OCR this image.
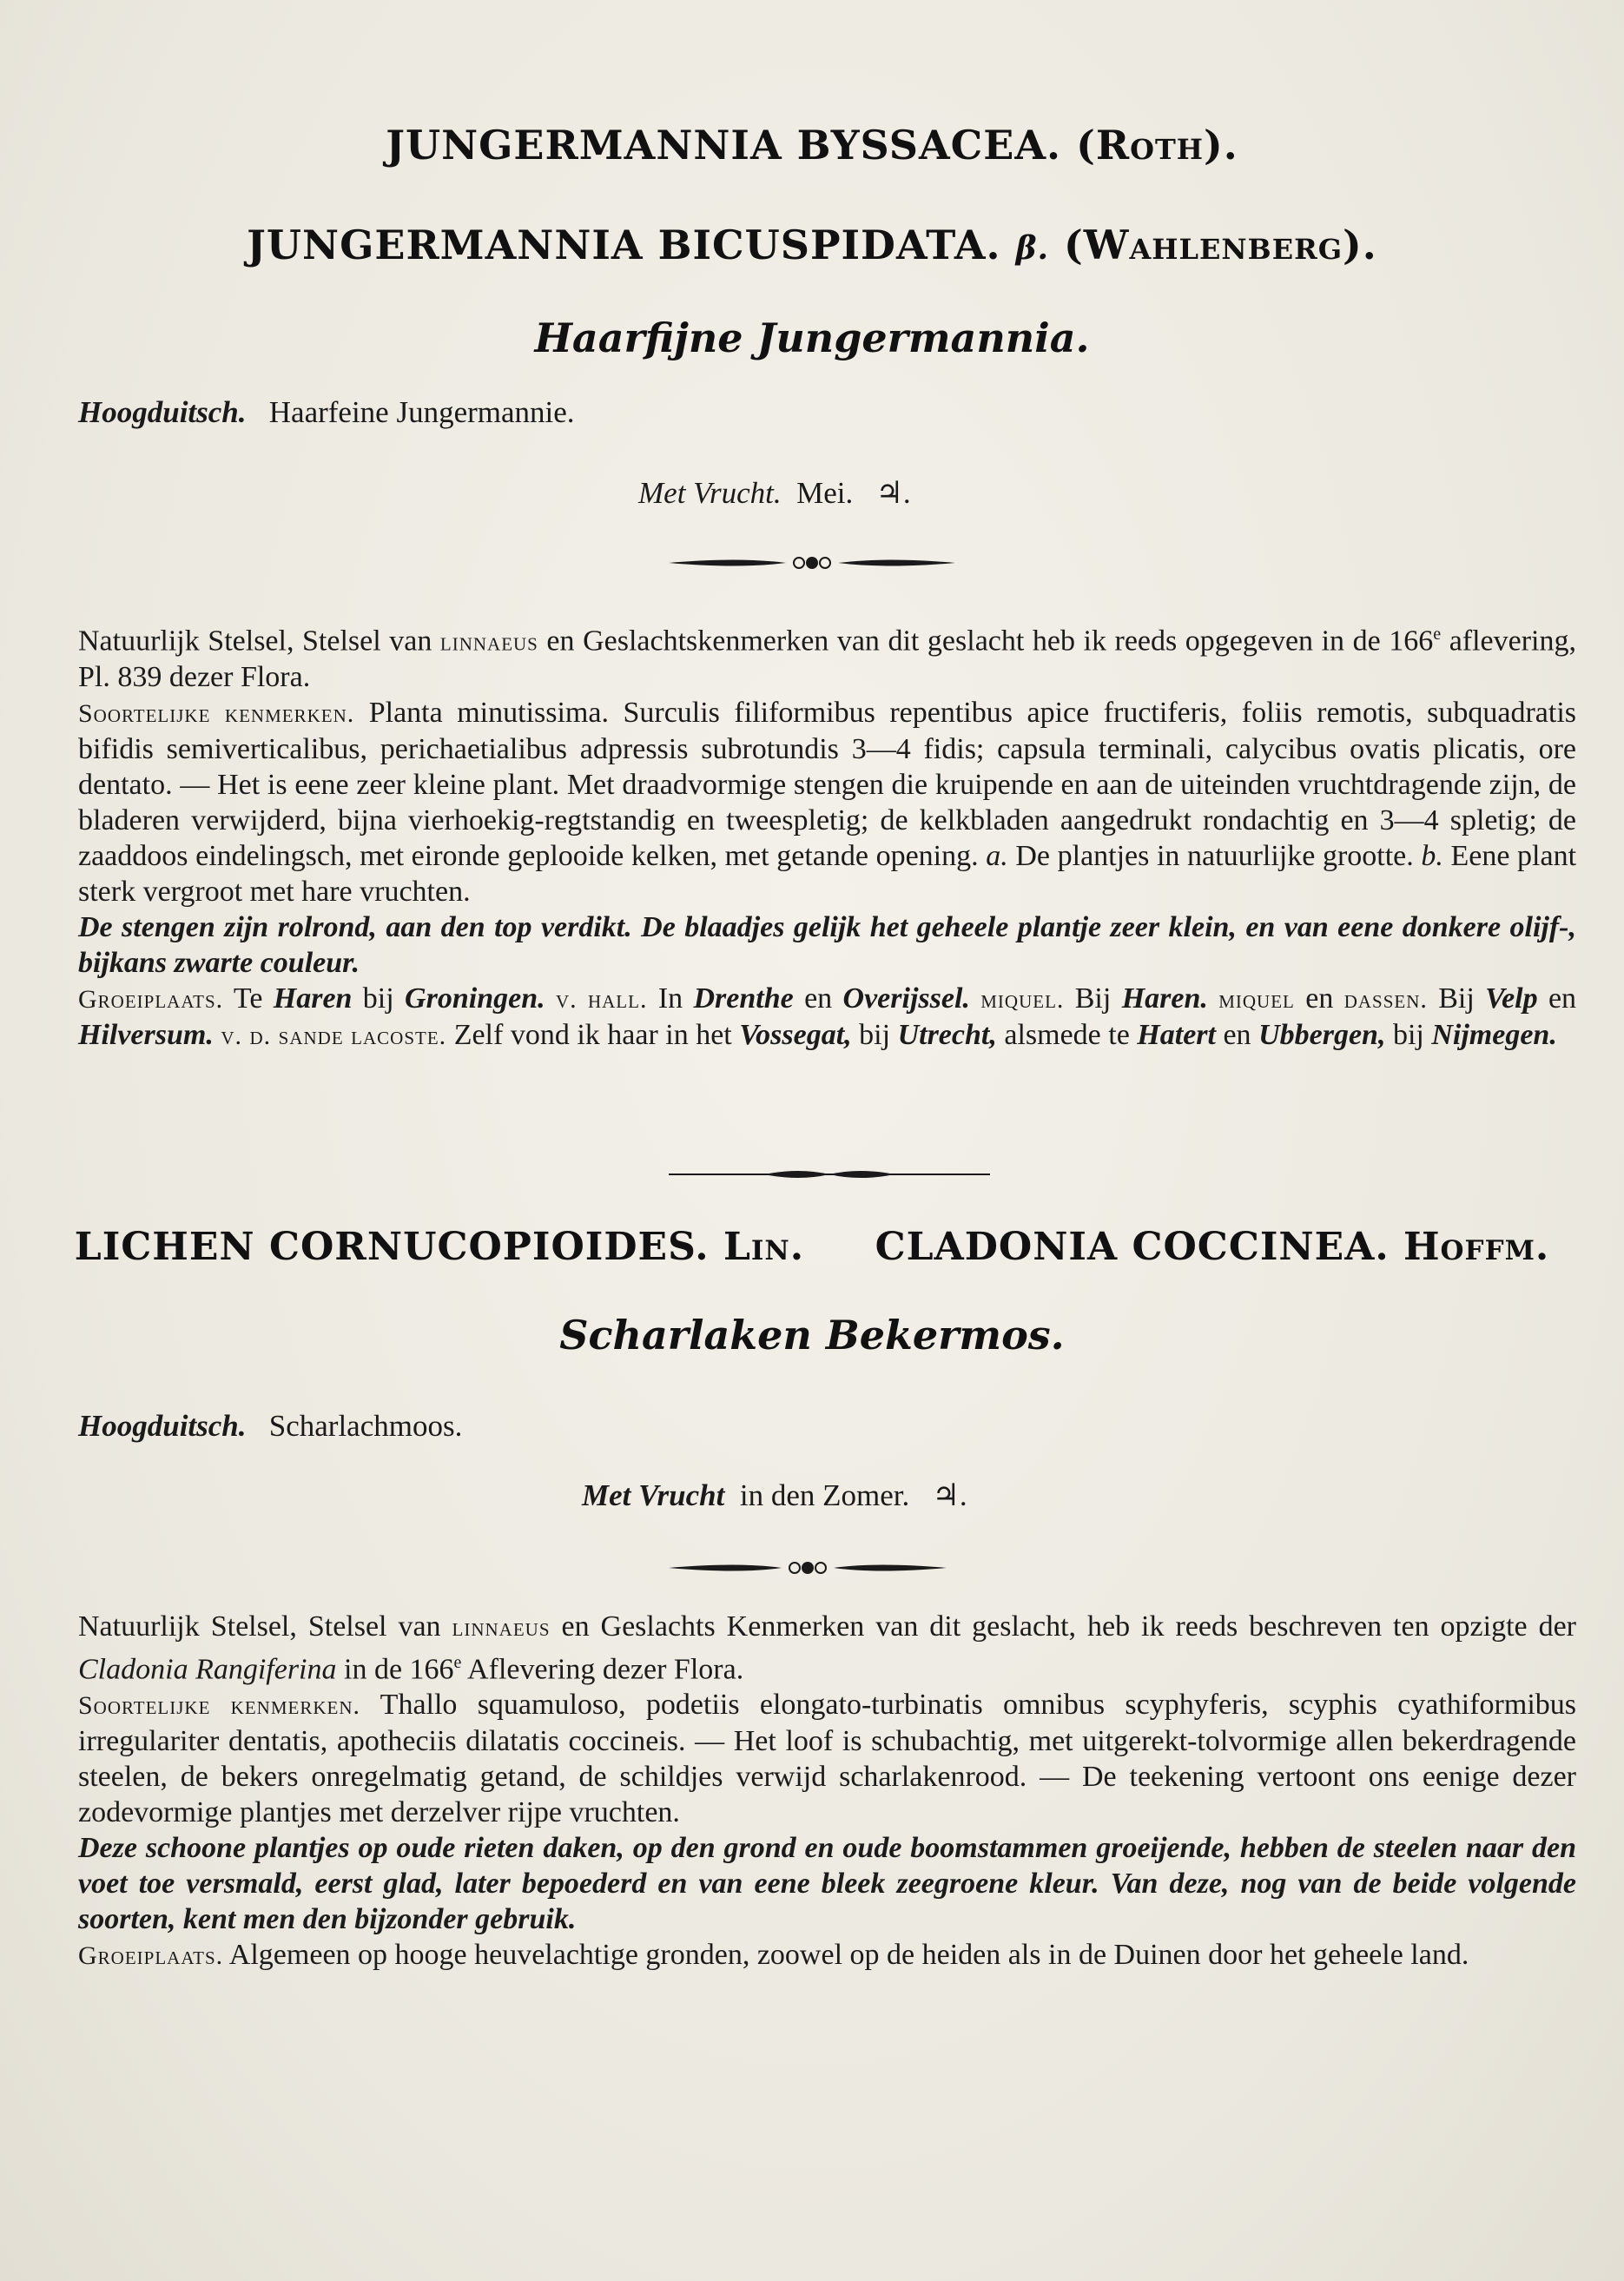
JUNGERMANNIA BYSSACEA. (Roth).
JUNGERMANNIA BICUSPIDATA. β. (Wahlenberg).
Haarfijne Jungermannia.
Hoogduitsch. Haarfeine Jungermannie.
Met Vrucht. Mei. ♃.

Natuurlijk Stelsel, Stelsel van linnaeus en Geslachtskenmerken van dit geslacht heb ik reeds opgegeven in de 166e aflevering, Pl. 839 dezer Flora.

Soortelijke kenmerken. Planta minutissima. Surculis filiformibus repentibus apice fructiferis, foliis remotis, subquadratis bifidis semiverticalibus, perichaetialibus adpressis subrotundis 3—4 fidis; capsula terminali, calycibus ovatis plicatis, ore dentato. — Het is eene zeer kleine plant. Met draadvormige stengen die kruipende en aan de uiteinden vruchtdragende zijn, de bladeren verwijderd, bijna vierhoekig-regtstandig en tweespletig; de kelkbladen aangedrukt rondachtig en 3—4 spletig; de zaaddoos eindelingsch, met eironde geplooide kelken, met getande opening. a. De plantjes in natuurlijke grootte. b. Eene plant sterk vergroot met hare vruchten.

De stengen zijn rolrond, aan den top verdikt. De blaadjes gelijk het geheele plantje zeer klein, en van eene donkere olijf-, bijkans zwarte couleur.

Groeiplaats. Te Haren bij Groningen. v. hall. In Drenthe en Overijssel. miquel. Bij Haren. miquel en dassen. Bij Velp en Hilversum. v. d. sande lacoste. Zelf vond ik haar in het Vossegat, bij Utrecht, alsmede te Hatert en Ubbergen, bij Nijmegen.

LICHEN CORNUCOPIOIDES. Lin. CLADONIA COCCINEA. Hoffm.
Scharlaken Bekermos.
Hoogduitsch. Scharlachmoos.
Met Vrucht in den Zomer. ♃.

Natuurlijk Stelsel, Stelsel van linnaeus en Geslachts Kenmerken van dit geslacht, heb ik reeds beschreven ten opzigte der Cladonia Rangiferina in de 166e Aflevering dezer Flora.

Soortelijke kenmerken. Thallo squamuloso, podetiis elongato-turbinatis omnibus scyphyferis, scyphis cyathiformibus irregulariter dentatis, apotheciis dilatatis coccineis. — Het loof is schubachtig, met uitgerekt-tolvormige allen bekerdragende steelen, de bekers onregelmatig getand, de schildjes verwijd scharlakenrood. — De teekening vertoont ons eenige dezer zodevormige plantjes met derzelver rijpe vruchten.

Deze schoone plantjes op oude rieten daken, op den grond en oude boomstammen groeijende, hebben de steelen naar den voet toe versmald, eerst glad, later bepoederd en van eene bleek zeegroene kleur. Van deze, nog van de beide volgende soorten, kent men den bijzonder gebruik.

Groeiplaats. Algemeen op hooge heuvelachtige gronden, zoowel op de heiden als in de Duinen door het geheele land.
